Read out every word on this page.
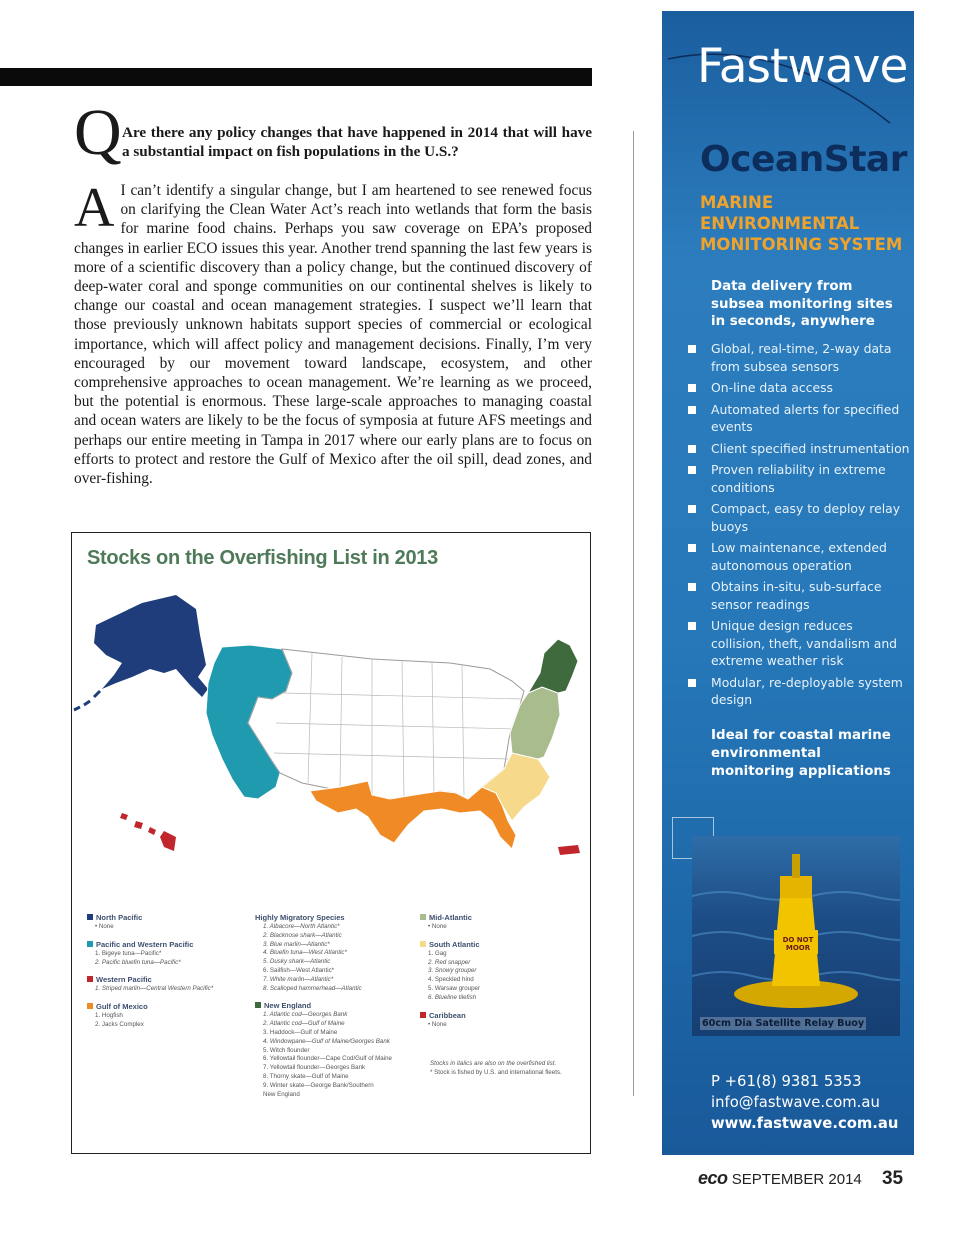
Q Are there any policy changes that have happened in 2014 that will have a substantial impact on fish populations in the U.S.?
A I can’t identify a singular change, but I am heartened to see renewed focus on clarifying the Clean Water Act’s reach into wetlands that form the basis for marine food chains. Perhaps you saw coverage on EPA’s proposed changes in earlier ECO issues this year. Another trend spanning the last few years is more of a scientific discovery than a policy change, but the continued discovery of deep-water coral and sponge communities on our continental shelves is likely to change our coastal and ocean management strategies. I suspect we’ll learn that those previously unknown habitats support species of commercial or ecological importance, which will affect policy and management decisions. Finally, I’m very encouraged by our movement toward landscape, ecosystem, and other comprehensive approaches to ocean management. We’re learning as we proceed, but the potential is enormous. These large-scale approaches to managing coastal and ocean waters are likely to be the focus of symposia at future AFS meetings and perhaps our entire meeting in Tampa in 2017 where our early plans are to focus on efforts to protect and restore the Gulf of Mexico after the oil spill, dead zones, and over-fishing.
Stocks on the Overfishing List in 2013
North Pacific
• None
Pacific and Western Pacific
1. Bigeye tuna—Pacific*
2. Pacific bluefin tuna—Pacific*
Western Pacific
1. Striped marlin—Central Western Pacific*
Gulf of Mexico
1. Hogfish
2. Jacks Complex
Highly Migratory Species
1. Albacore—North Atlantic*
2. Blacknose shark—Atlantic
3. Blue marlin—Atlantic*
4. Bluefin tuna—West Atlantic*
5. Dusky shark—Atlantic
6. Sailfish—West Atlantic*
7. White marlin—Atlantic*
8. Scalloped hammerhead—Atlantic
New England
1. Atlantic cod—Georges Bank
2. Atlantic cod—Gulf of Maine
3. Haddock—Gulf of Maine
4. Windowpane—Gulf of Maine/Georges Bank
5. Witch flounder
6. Yellowtail flounder—Cape Cod/Gulf of Maine
7. Yellowtail flounder—Georges Bank
8. Thorny skate—Gulf of Maine
9. Winter skate—George Bank/Southern
New England
Mid-Atlantic
• None
South Atlantic
1. Gag
2. Red snapper
3. Snowy grouper
4. Speckled hind
5. Warsaw grouper
6. Blueline tilefish
Caribbean
• None
Stocks in italics are also on the overfished list.
* Stock is fished by U.S. and international fleets.
Fastwave
OceanStar
MARINE ENVIRONMENTAL MONITORING SYSTEM
Data delivery from subsea monitoring sites in seconds, anywhere
Global, real-time, 2-way data from subsea sensors
On-line data access
Automated alerts for specified events
Client specified instrumentation
Proven reliability in extreme conditions
Compact, easy to deploy relay buoys
Low maintenance, extended autonomous operation
Obtains in-situ, sub-surface sensor readings
Unique design reduces collision, theft, vandalism and extreme weather risk
Modular, re-deployable system design
Ideal for coastal marine environmental monitoring applications
DO NOT MOOR
60cm Dia Satellite Relay Buoy
P +61(8) 9381 5353
info@fastwave.com.au
www.fastwave.com.au
eco SEPTEMBER 2014 35
